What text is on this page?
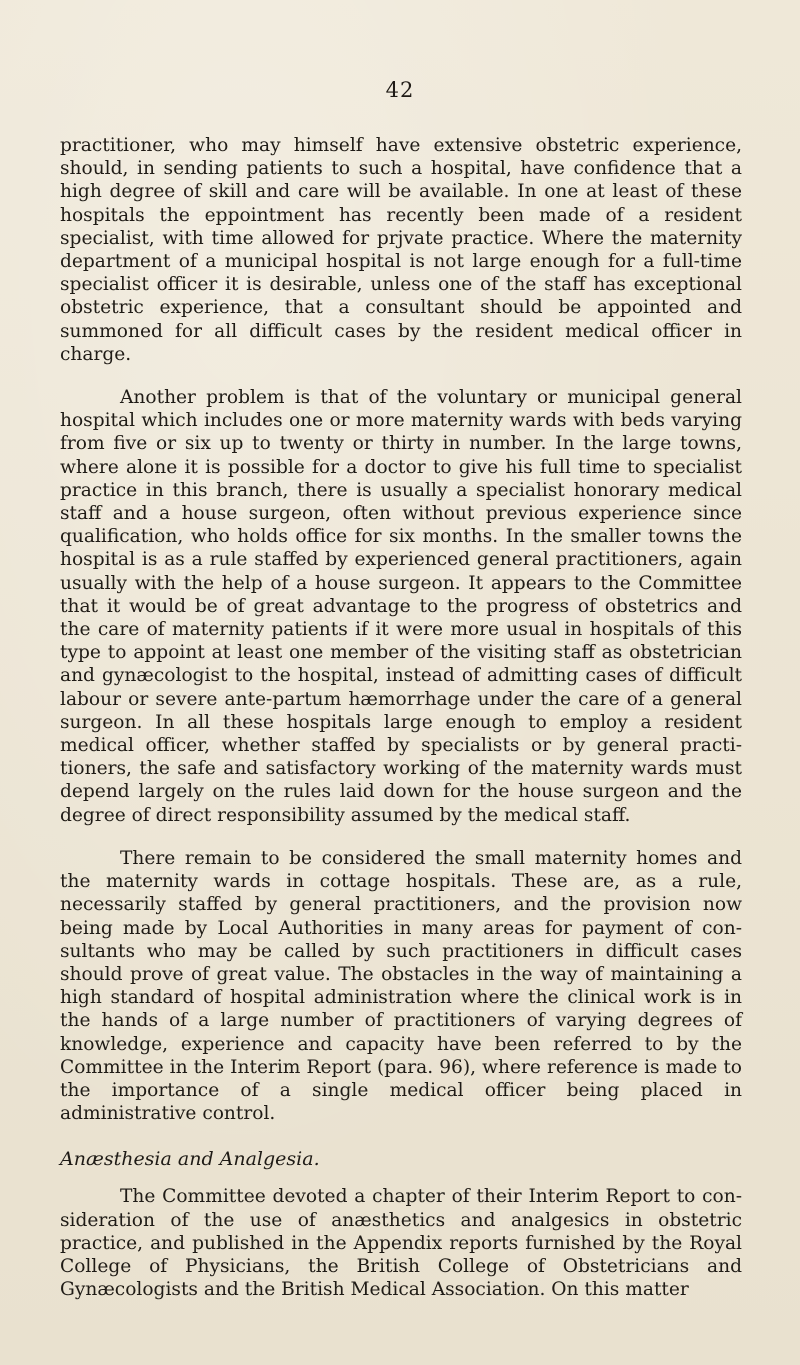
42

practitioner, who may himself have extensive obstetric experience, should, in sending patients to such a hospital, have confidence that a high degree of skill and care will be available. In one at least of these hospitals the eppointment has recently been made of a resident specialist, with time allowed for prjvate practice. Where the maternity department of a municipal hospital is not large enough for a full-time specialist officer it is desirable, unless one of the staff has exceptional obstetric experience, that a consultant should be appointed and summoned for all difficult cases by the resident medical officer in charge.

Another problem is that of the voluntary or municipal general hospital which includes one or more maternity wards with beds varying from five or six up to twenty or thirty in number. In the large towns, where alone it is possible for a doctor to give his full time to specialist practice in this branch, there is usually a specialist honorary medical staff and a house surgeon, often without previous experience since qualification, who holds office for six months. In the smaller towns the hospital is as a rule staffed by experienced general practitioners, again usually with the help of a house surgeon. It appears to the Committee that it would be of great advantage to the progress of obstetrics and the care of maternity patients if it were more usual in hospitals of this type to appoint at least one member of the visiting staff as obstetrician and gynæcologist to the hospital, instead of admitting cases of difficult labour or severe ante-partum hæmorrhage under the care of a general surgeon. In all these hospitals large enough to employ a resident medical officer, whether staffed by specialists or by general practi-tioners, the safe and satisfactory working of the maternity wards must depend largely on the rules laid down for the house surgeon and the degree of direct responsibility assumed by the medical staff.

There remain to be considered the small maternity homes and the maternity wards in cottage hospitals. These are, as a rule, necessarily staffed by general practitioners, and the provision now being made by Local Authorities in many areas for payment of con-sultants who may be called by such practitioners in difficult cases should prove of great value. The obstacles in the way of maintaining a high standard of hospital administration where the clinical work is in the hands of a large number of practitioners of varying degrees of knowledge, experience and capacity have been referred to by the Committee in the Interim Report (para. 96), where reference is made to the importance of a single medical officer being placed in administrative control.

Anæsthesia and Analgesia.

The Committee devoted a chapter of their Interim Report to con-sideration of the use of anæsthetics and analgesics in obstetric practice, and published in the Appendix reports furnished by the Royal College of Physicians, the British College of Obstetricians and Gynæcologists and the British Medical Association. On this matter
